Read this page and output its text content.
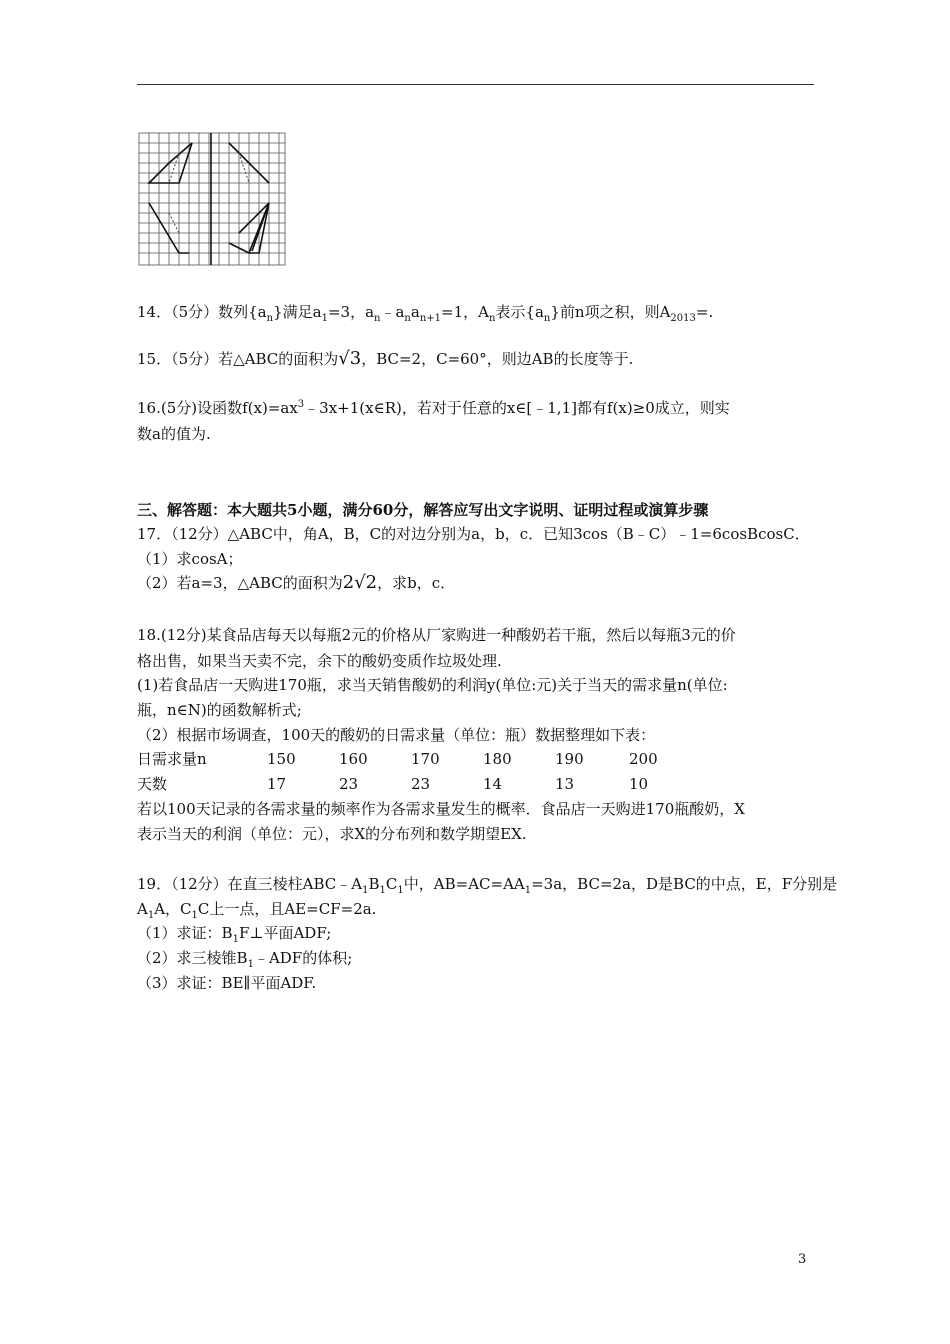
14．（5分）数列$\{a_n\}$满足$a_1=3$，$a_n﹣a_na_{n+1}=1$，$A_n$表示$\{a_n\}$前n项之积，则$A_{2013}=$.
15．（5分）若△ABC的面积为√3，BC=2，C=60°，则边AB的长度等于.
16.(5分)设函数$f(x)=ax^3﹣3x+1(x\in R)$，若对于任意的x∈[﹣1,1]都有f(x)≥0成立，则实
数a的值为.
三、解答题：本大题共5小题，满分60分，解答应写出文字说明、证明过程或演算步骤
17．（12分）△ABC中，角A，B，C的对边分别为a，b，c．已知3cos（B﹣C）﹣1=6cosBcosC．
（1）求cosA；
（2）若a=3，△ABC的面积为2√2，求b，c．
18.(12分)某食品店每天以每瓶2元的价格从厂家购进一种酸奶若干瓶，然后以每瓶3元的价
格出售，如果当天卖不完，余下的酸奶变质作垃圾处理.
(1)若食品店一天购进170瓶，求当天销售酸奶的利润y(单位:元)关于当天的需求量n(单位:
瓶，n∈N)的函数解析式;
（2）根据市场调查，100天的酸奶的日需求量（单位：瓶）数据整理如下表：
日需求量n	150	160	170	180	190	200
天数	17	23	23	14	13	10
若以100天记录的各需求量的频率作为各需求量发生的概率．食品店一天购进170瓶酸奶，X
表示当天的利润（单位：元），求X的分布列和数学期望EX.
19．（12分）在直三棱柱$ABC﹣A_1B_1C_1$中，$AB=AC=AA_1=3a$，BC=2a，D是BC的中点，E，F分别是
$A_1A$，$C_1C$上一点，且AE=CF=2a.
（1）求证：$B_1F\perp$平面ADF;
（2）求三棱锥$B_1﹣ADF$的体积;
（3）求证：BE∥平面ADF.
3
